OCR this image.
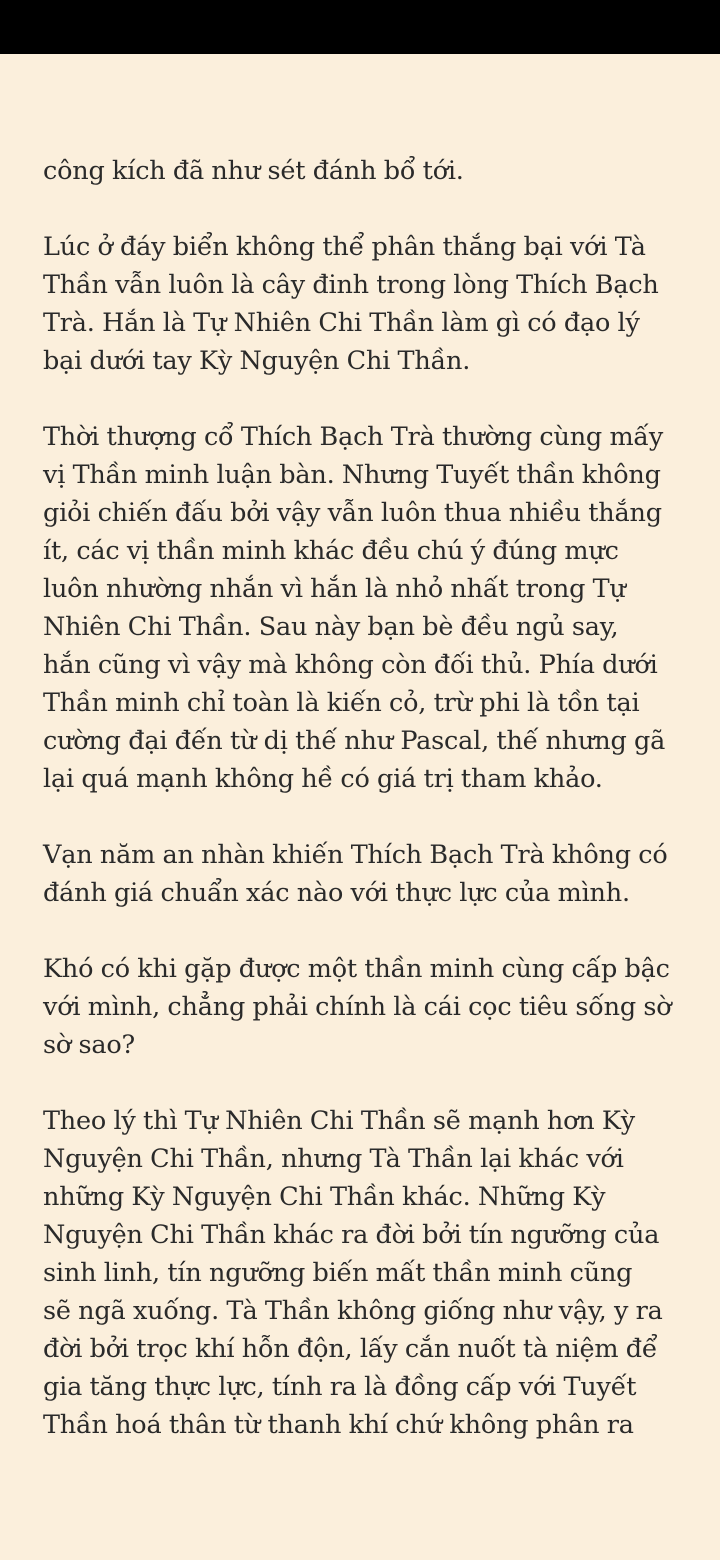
công kích đã như sét đánh bổ tới.

Lúc ở đáy biển không thể phân thắng bại với Tà
Thần vẫn luôn là cây đinh trong lòng Thích Bạch
Trà. Hắn là Tự Nhiên Chi Thần làm gì có đạo lý
bại dưới tay Kỳ Nguyện Chi Thần.

Thời thượng cổ Thích Bạch Trà thường cùng mấy
vị Thần minh luận bàn. Nhưng Tuyết thần không
giỏi chiến đấu bởi vậy vẫn luôn thua nhiều thắng
ít, các vị thần minh khác đều chú ý đúng mực
luôn nhường nhắn vì hắn là nhỏ nhất trong Tự
Nhiên Chi Thần. Sau này bạn bè đều ngủ say,
hắn cũng vì vậy mà không còn đối thủ. Phía dưới
Thần minh chỉ toàn là kiến cỏ, trừ phi là tồn tại
cường đại đến từ dị thế như Pascal, thế nhưng gã
lại quá mạnh không hề có giá trị tham khảo.

Vạn năm an nhàn khiến Thích Bạch Trà không có
đánh giá chuẩn xác nào với thực lực của mình.

Khó có khi gặp được một thần minh cùng cấp bậc
với mình, chẳng phải chính là cái cọc tiêu sống sờ
sờ sao?

Theo lý thì Tự Nhiên Chi Thần sẽ mạnh hơn Kỳ
Nguyện Chi Thần, nhưng Tà Thần lại khác với
những Kỳ Nguyện Chi Thần khác. Những Kỳ
Nguyện Chi Thần khác ra đời bởi tín ngưỡng của
sinh linh, tín ngưỡng biến mất thần minh cũng
sẽ ngã xuống. Tà Thần không giống như vậy, y ra
đời bởi trọc khí hỗn độn, lấy cắn nuốt tà niệm để
gia tăng thực lực, tính ra là đồng cấp với Tuyết
Thần hoá thân từ thanh khí chứ không phân ra
